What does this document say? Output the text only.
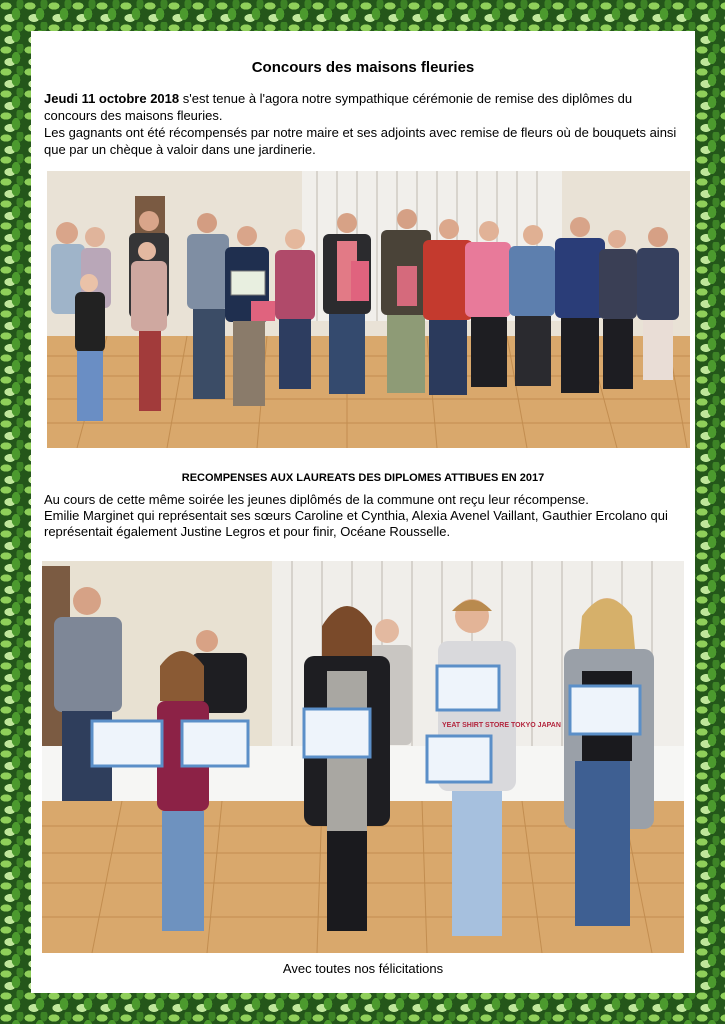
Concours des maisons fleuries
Jeudi 11 octobre 2018 s'est tenue à l'agora notre sympathique cérémonie de remise des diplômes du concours des maisons fleuries.
Les gagnants ont été récompensés par notre maire et ses adjoints avec remise de fleurs où de bouquets ainsi que par un chèque à valoir dans une jardinerie.
RECOMPENSES AUX LAUREATS DES DIPLOMES ATTIBUES EN 2017
Au cours de cette même soirée les jeunes diplômés de la commune ont reçu leur récompense.
Emilie Marginet qui représentait ses sœurs Caroline et Cynthia, Alexia Avenel Vaillant, Gauthier Ercolano qui représentait également Justine Legros et pour finir, Océane Rousselle.
YEAT SHIRT STORE TOKYO JAPAN
Avec toutes nos félicitations
